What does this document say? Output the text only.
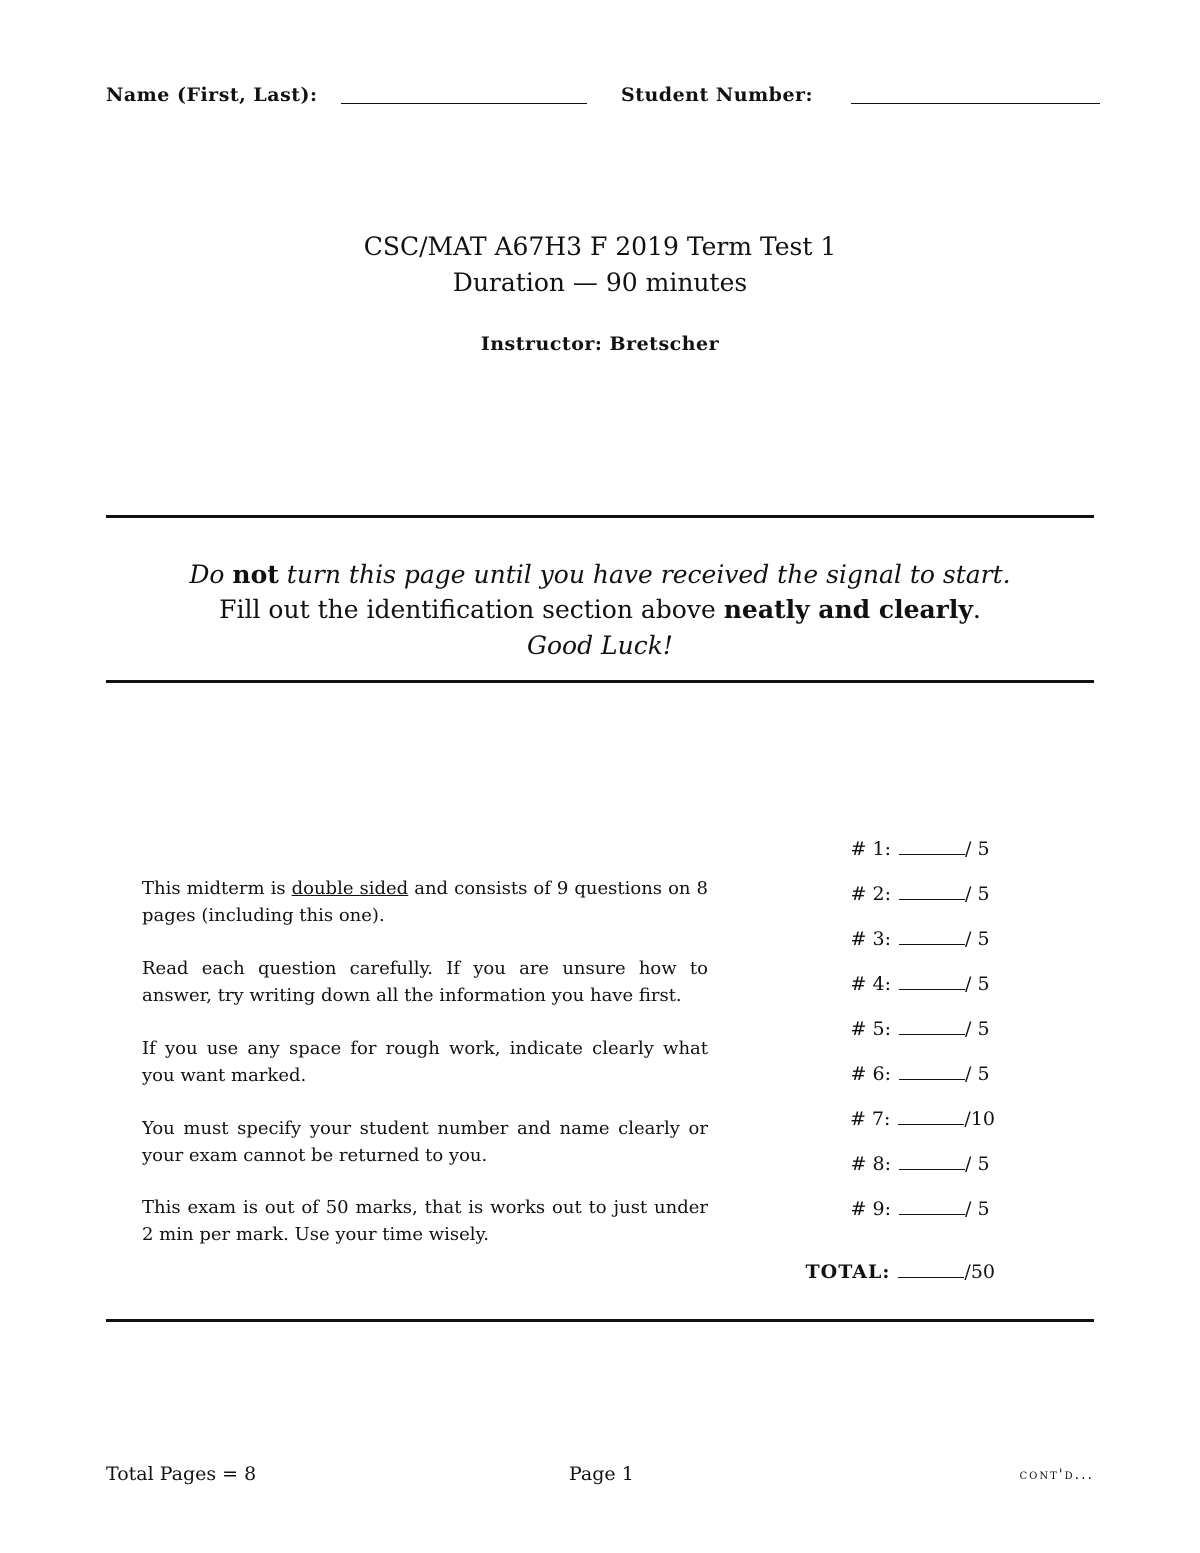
Name (First, Last):	Student Number:
CSC/MAT A67H3 F 2019 Term Test 1
Duration — 90 minutes
Instructor: Bretscher
Do not turn this page until you have received the signal to start.
Fill out the identification section above neatly and clearly.
Good Luck!
This midterm is double sided and consists of 9 questions on 8 pages (including this one).
Read each question carefully. If you are unsure how to answer, try writing down all the information you have first.
If you use any space for rough work, indicate clearly what you want marked.
You must specify your student number and name clearly or your exam cannot be returned to you.
This exam is out of 50 marks, that is works out to just under 2 min per mark. Use your time wisely.
# 1:	/ 5
# 2:	/ 5
# 3:	/ 5
# 4:	/ 5
# 5:	/ 5
# 6:	/ 5
# 7:	/10
# 8:	/ 5
# 9:	/ 5
TOTAL:	/50
Total Pages = 8	Page 1	cont'd...
